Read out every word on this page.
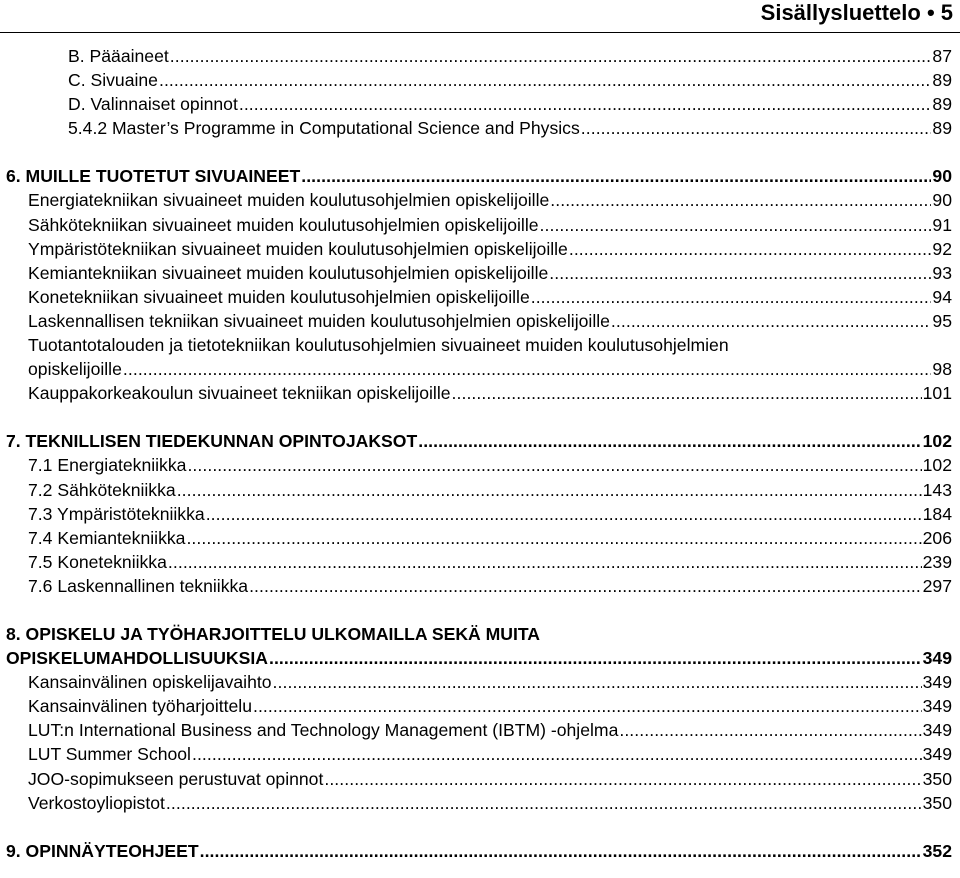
Sisällysluettelo • 5
B. Pääaineet . . .	87
C. Sivuaine . . .	89
D. Valinnaiset opinnot . . .	89
5.4.2 Master’s Programme in Computational Science and Physics . . .	89
6. MUILLE TUOTETUT SIVUAINEET . . .	90
Energiatekniikan sivuaineet muiden koulutusohjelmien opiskelijoille . . .	90
Sähkötekniikan sivuaineet muiden koulutusohjelmien opiskelijoille . . .	91
Ympäristötekniikan sivuaineet muiden koulutusohjelmien opiskelijoille . . .	92
Kemiantekniikan sivuaineet muiden koulutusohjelmien opiskelijoille . . .	93
Konetekniikan sivuaineet muiden koulutusohjelmien opiskelijoille . . .	94
Laskennallisen tekniikan sivuaineet muiden koulutusohjelmien opiskelijoille . . .	95
Tuotantotalouden ja tietotekniikan koulutusohjelmien sivuaineet muiden koulutusohjelmien
opiskelijoille . . .	98
Kauppakorkeakoulun sivuaineet tekniikan opiskelijoille . . .	101
7. TEKNILLISEN TIEDEKUNNAN OPINTOJAKSOT . . .	102
7.1 Energiatekniikka . . .	102
7.2 Sähkötekniikka . . .	143
7.3 Ympäristötekniikka . . .	184
7.4 Kemiantekniikka . . .	206
7.5 Konetekniikka . . .	239
7.6 Laskennallinen tekniikka . . .	297
8. OPISKELU JA TYÖHARJOITTELU ULKOMAILLA SEKÄ MUITA
OPISKELUMAHDOLLISUUKSIA . . .	349
Kansainvälinen opiskelijavaihto . . .	349
Kansainvälinen työharjoittelu . . .	349
LUT:n International Business and Technology Management (IBTM) -ohjelma . . .	349
LUT Summer School . . .	349
JOO-sopimukseen perustuvat opinnot . . .	350
Verkostoyliopistot . . .	350
9. OPINNÄYTEOHJEET . . .	352
